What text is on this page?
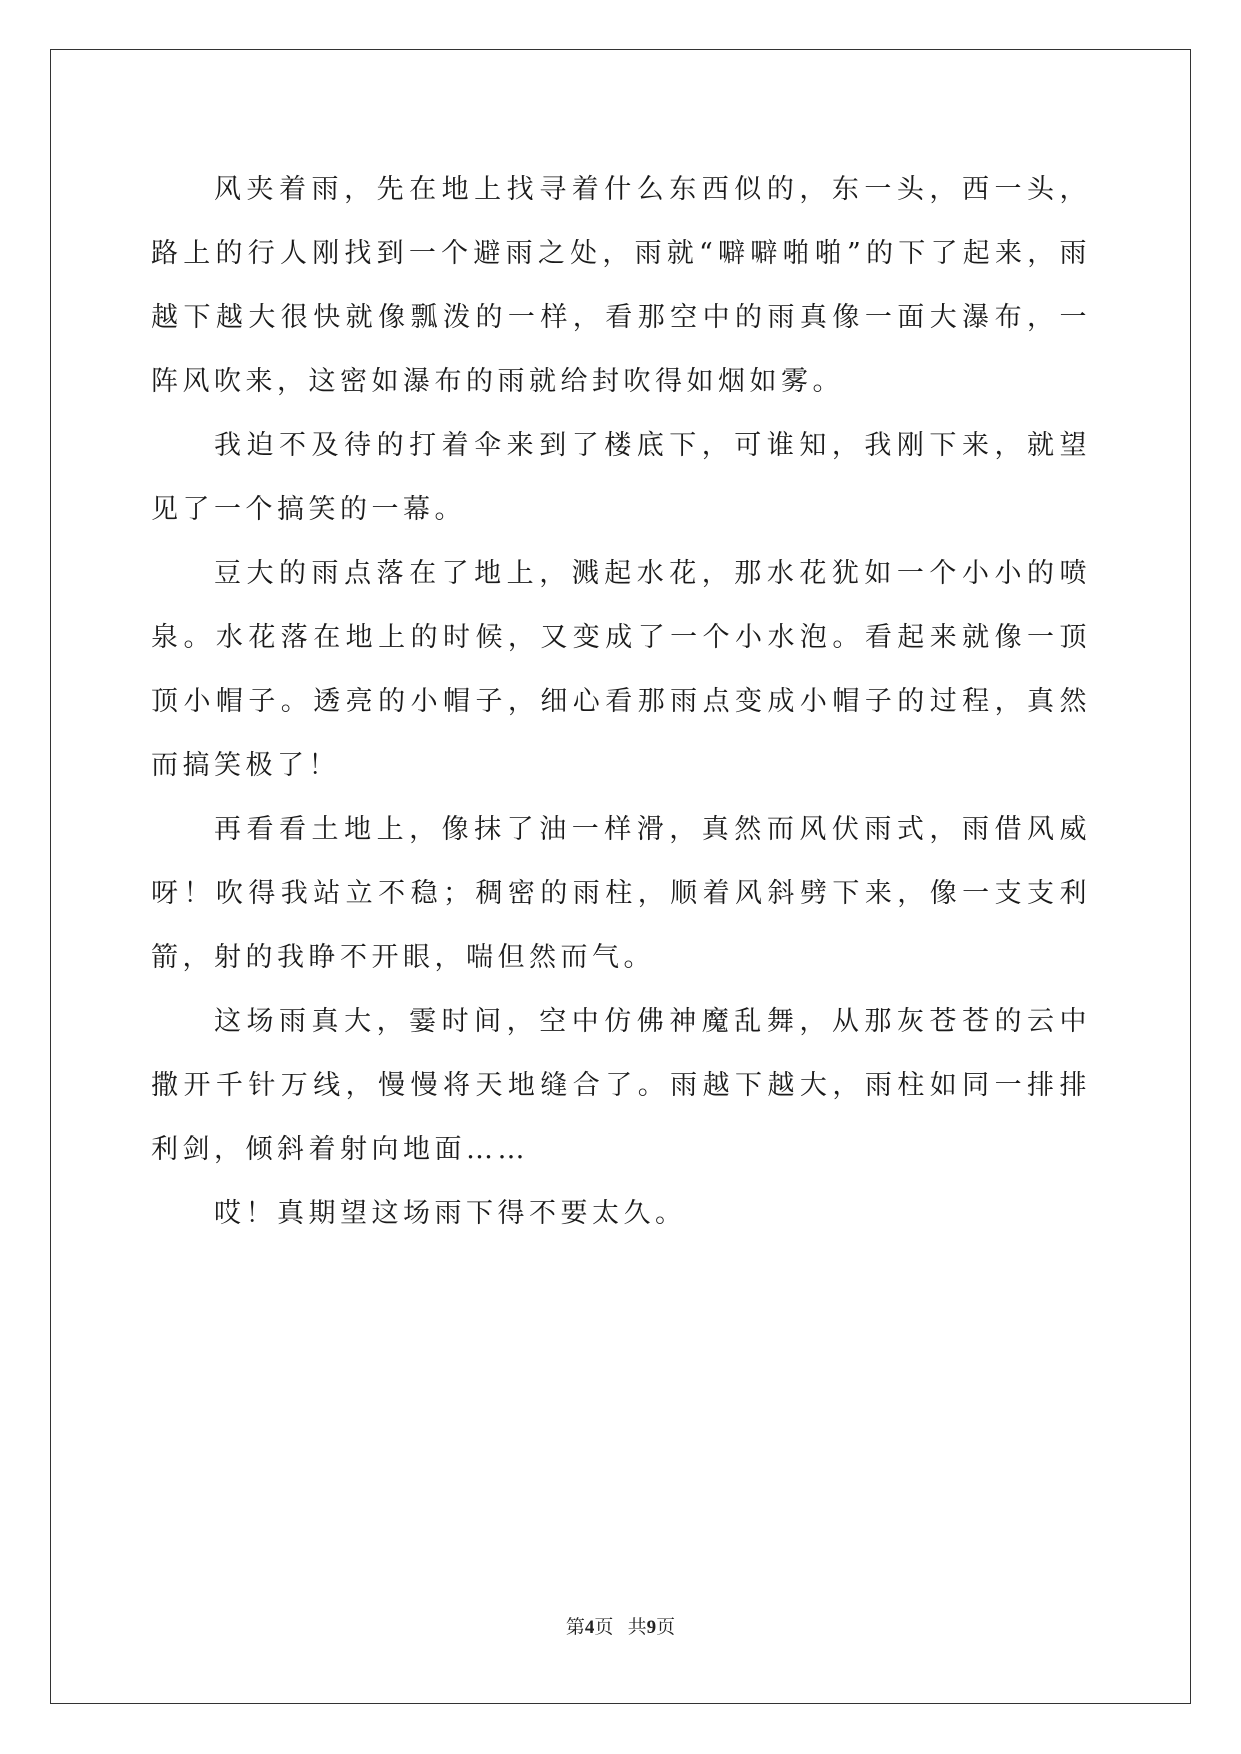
风夹着雨，先在地上找寻着什么东西似的，东一头，西一头，路上的行人刚找到一个避雨之处，雨就“噼噼啪啪”的下了起来，雨越下越大很快就像瓢泼的一样，看那空中的雨真像一面大瀑布，一阵风吹来，这密如瀑布的雨就给封吹得如烟如雾。

我迫不及待的打着伞来到了楼底下，可谁知，我刚下来，就望见了一个搞笑的一幕。

豆大的雨点落在了地上，溅起水花，那水花犹如一个小小的喷泉。水花落在地上的时候，又变成了一个小水泡。看起来就像一顶顶小帽子。透亮的小帽子，细心看那雨点变成小帽子的过程，真然而搞笑极了！

再看看土地上，像抹了油一样滑，真然而风伏雨式，雨借风威呀！吹得我站立不稳；稠密的雨柱，顺着风斜劈下来，像一支支利箭，射的我睁不开眼，喘但然而气。

这场雨真大，霎时间，空中仿佛神魔乱舞，从那灰苍苍的云中撒开千针万线，慢慢将天地缝合了。雨越下越大，雨柱如同一排排利剑，倾斜着射向地面……

哎！真期望这场雨下得不要太久。

第4页 共9页
